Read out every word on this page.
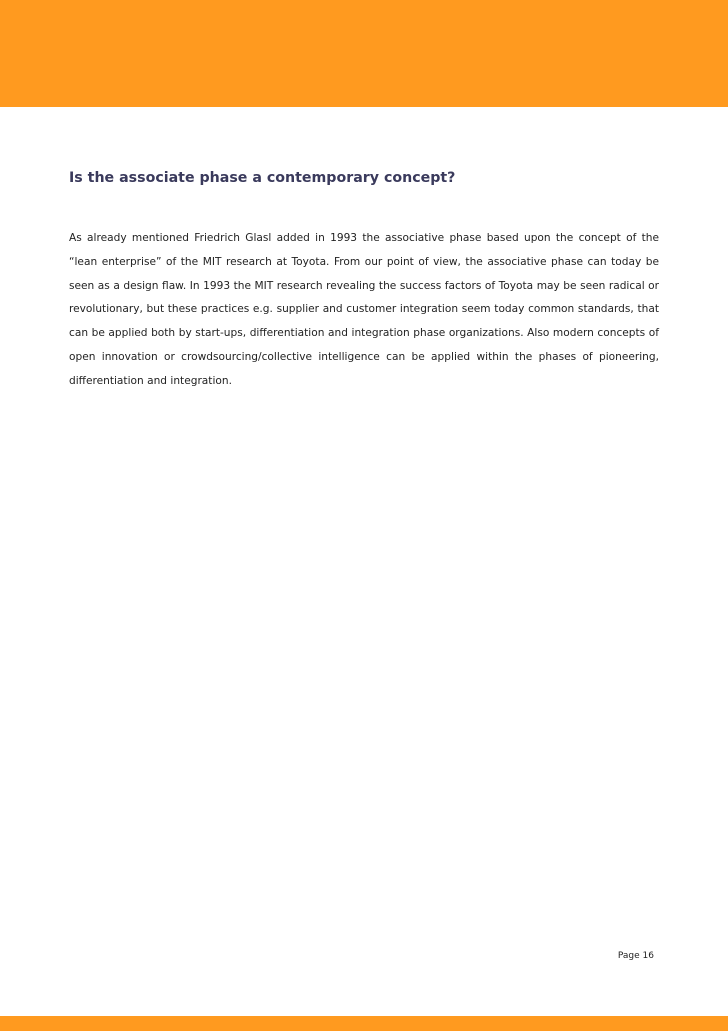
Is the associate phase a contemporary concept?

As already mentioned Friedrich Glasl added in 1993 the associative phase based upon the concept of the “lean enterprise” of the MIT research at Toyota. From our point of view, the associative phase can today be seen as a design flaw. In 1993 the MIT research revealing the success factors of Toyota may be seen radical or revolutionary, but these practices e.g. supplier and customer integration seem today common standards, that can be applied both by start-ups, differentiation and integration phase organizations. Also modern concepts of open innovation or crowdsourcing/collective intelligence can be applied within the phases of pioneering, differentiation and integration.

Page 16
